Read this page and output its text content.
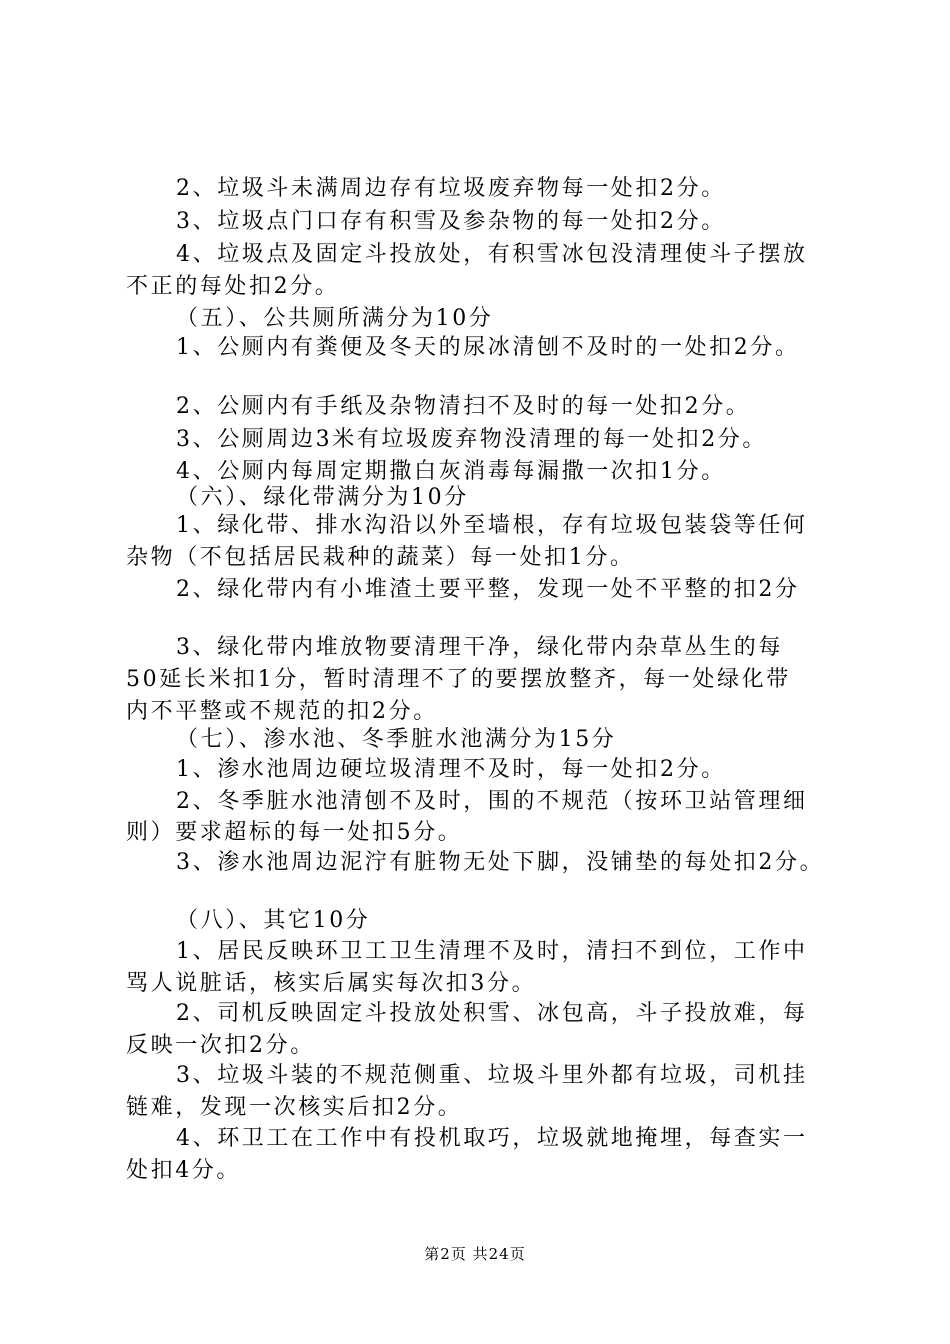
2、垃圾斗未满周边存有垃圾废弃物每一处扣2分。
3、垃圾点门口存有积雪及参杂物的每一处扣2分。
4、垃圾点及固定斗投放处，有积雪冰包没清理使斗子摆放
不正的每处扣2分。
（五）、公共厕所满分为10分
1、公厕内有粪便及冬天的尿冰清刨不及时的一处扣2分。
2、公厕内有手纸及杂物清扫不及时的每一处扣2分。
3、公厕周边3米有垃圾废弃物没清理的每一处扣2分。
4、公厕内每周定期撒白灰消毒每漏撒一次扣1分。
（六）、绿化带满分为10分
1、绿化带、排水沟沿以外至墙根，存有垃圾包装袋等任何
杂物（不包括居民栽种的蔬菜）每一处扣1分。
2、绿化带内有小堆渣土要平整，发现一处不平整的扣2分
3、绿化带内堆放物要清理干净，绿化带内杂草丛生的每
50延长米扣1分，暂时清理不了的要摆放整齐，每一处绿化带
内不平整或不规范的扣2分。
（七）、渗水池、冬季脏水池满分为15分
1、渗水池周边硬垃圾清理不及时，每一处扣2分。
2、冬季脏水池清刨不及时，围的不规范（按环卫站管理细
则）要求超标的每一处扣5分。
3、渗水池周边泥泞有脏物无处下脚，没铺垫的每处扣2分。
（八）、其它10分
1、居民反映环卫工卫生清理不及时，清扫不到位，工作中
骂人说脏话，核实后属实每次扣3分。
2、司机反映固定斗投放处积雪、冰包高，斗子投放难，每
反映一次扣2分。
3、垃圾斗装的不规范侧重、垃圾斗里外都有垃圾，司机挂
链难，发现一次核实后扣2分。
4、环卫工在工作中有投机取巧，垃圾就地掩埋，每查实一
处扣4分。
第2页 共24页
